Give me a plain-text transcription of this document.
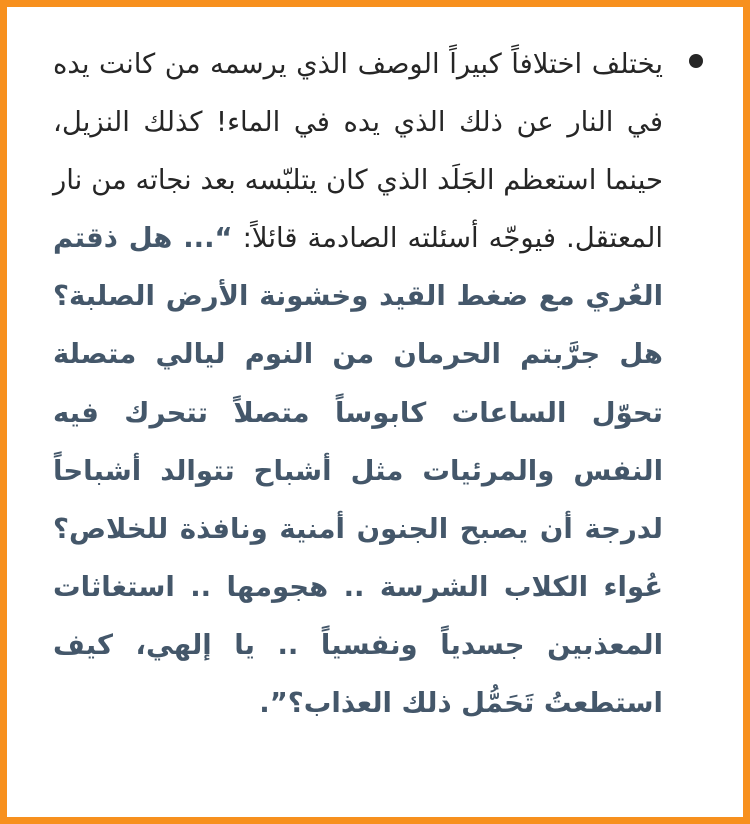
يختلف اختلافاً كبيراً الوصف الذي يرسمه من كانت يده في النار عن ذلك الذي يده في الماء! كذلك النزيل، حينما استعظم الجَلَد الذي كان يتلبّسه بعد نجاته من نار المعتقل. فيوجّه أسئلته الصادمة قائلاً: “... هل ذقتم العُري مع ضغط القيد وخشونة الأرض الصلبة؟ هل جرَّبتم الحرمان من النوم ليالي متصلة تحوّل الساعات كابوساً متصلاً تتحرك فيه النفس والمرئيات مثل أشباح تتوالد أشباحاً لدرجة أن يصبح الجنون أمنية ونافذة للخلاص؟ عُواء الكلاب الشرسة .. هجومها .. استغاثات المعذبين جسدياً ونفسياً .. يا إلهي، كيف استطعتُ تَحَمُّل ذلك العذاب؟”.
